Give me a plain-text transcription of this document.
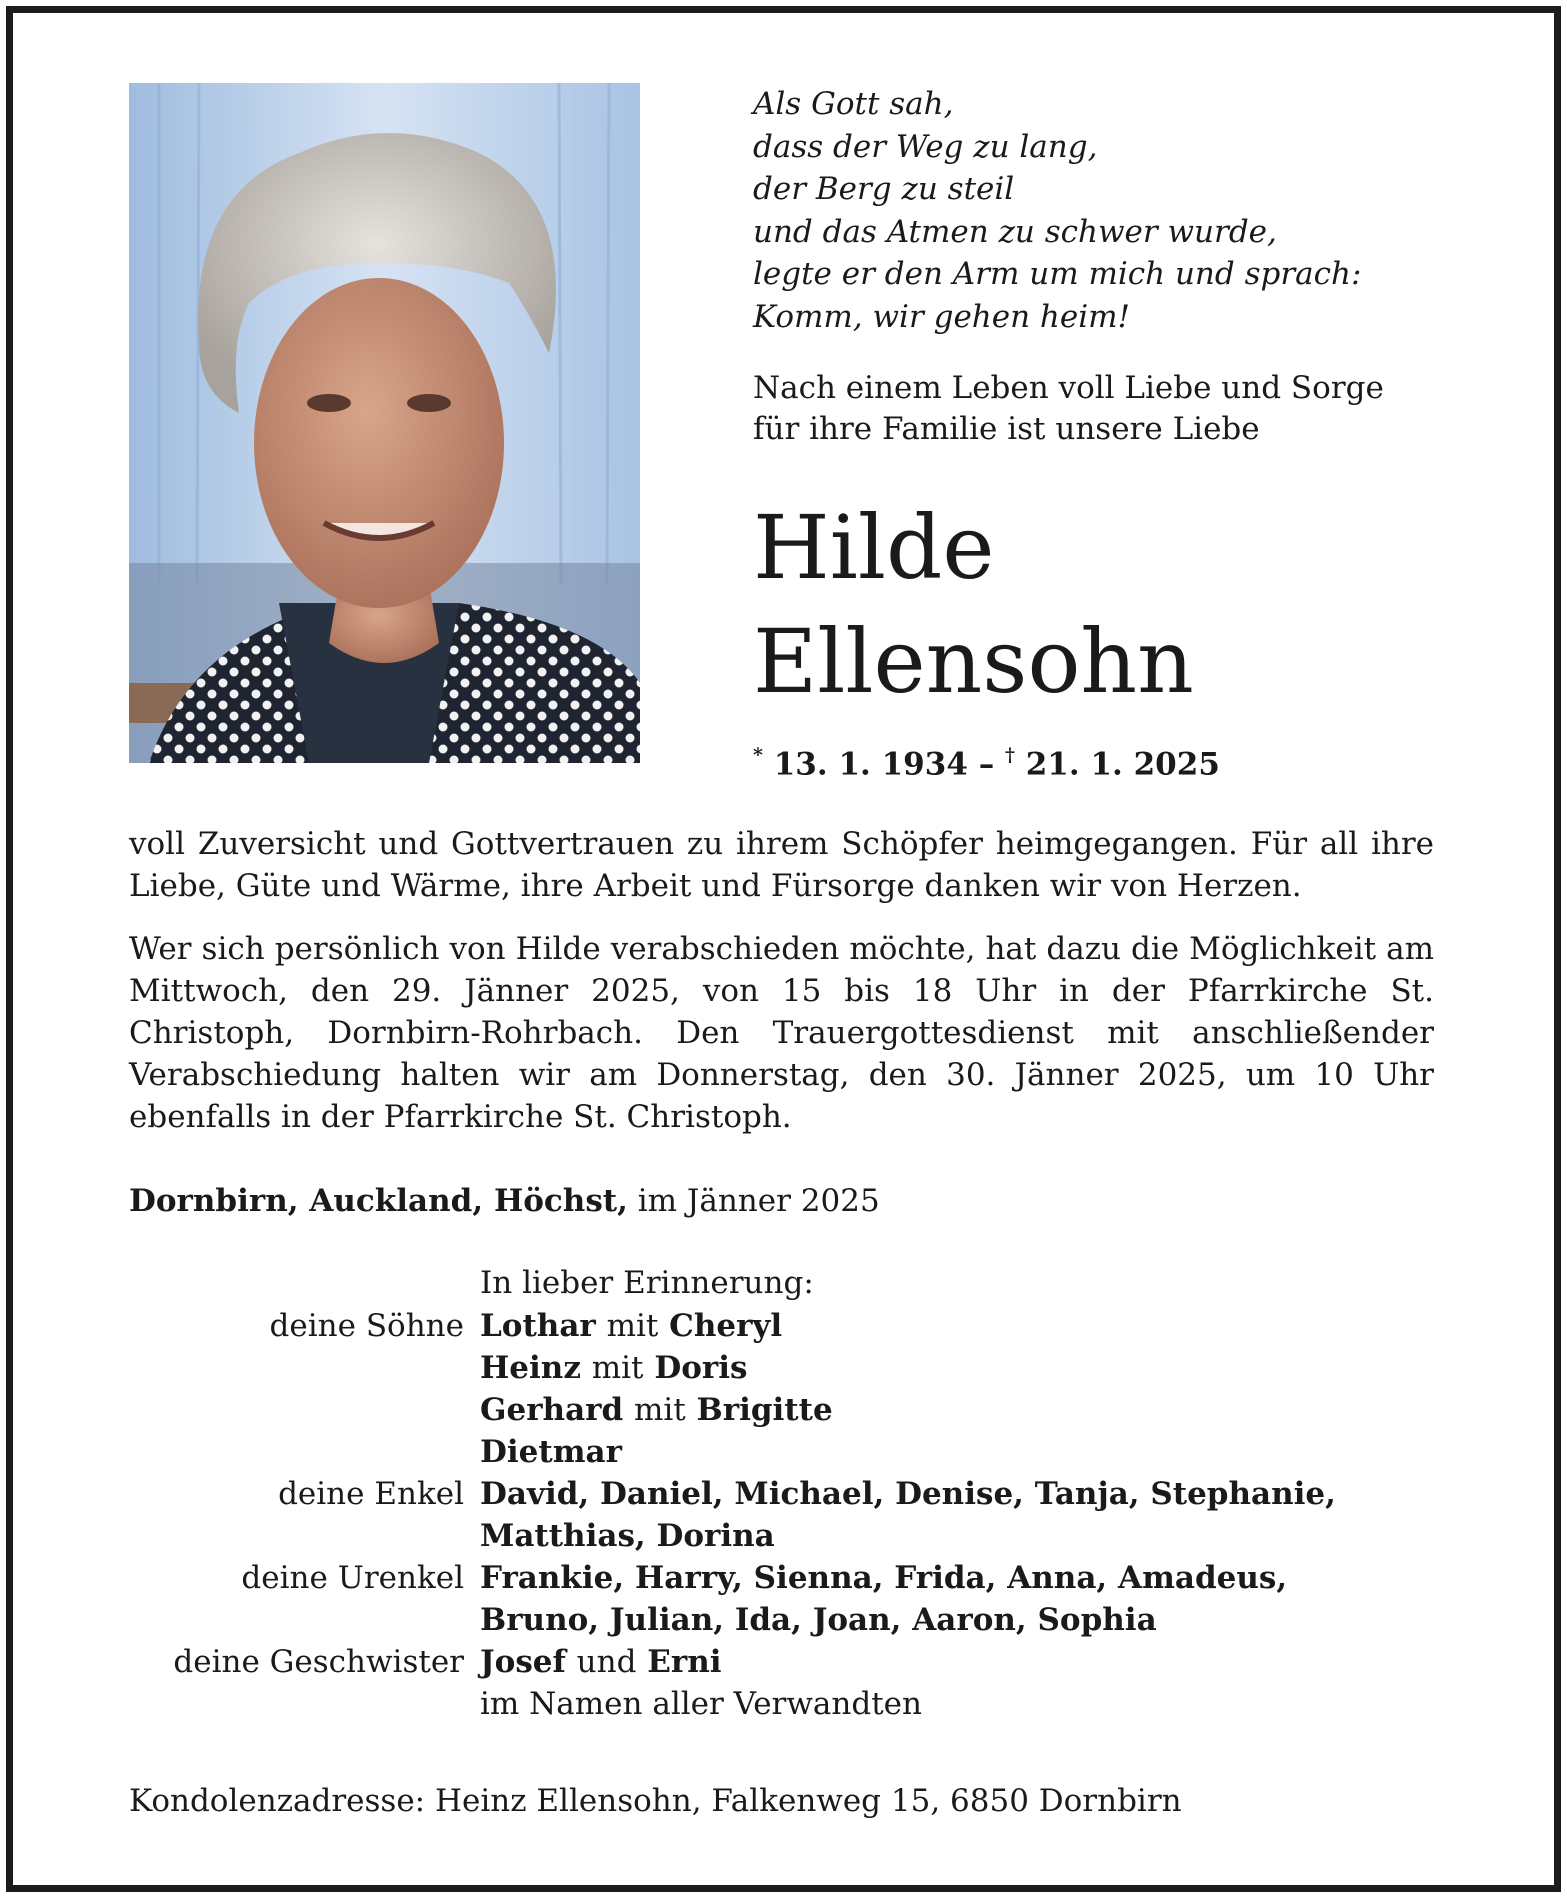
Als Gott sah,
dass der Weg zu lang,
der Berg zu steil
und das Atmen zu schwer wurde,
legte er den Arm um mich und sprach:
Komm, wir gehen heim!
Nach einem Leben voll Liebe und Sorge
für ihre Familie ist unsere Liebe
Hilde
Ellensohn
* 13. 1. 1934 – † 21. 1. 2025
voll Zuversicht und Gottvertrauen zu ihrem Schöpfer heimgegangen. Für all ihre Liebe, Güte und Wärme, ihre Arbeit und Fürsorge danken wir von Herzen.
Wer sich persönlich von Hilde verabschieden möchte, hat dazu die Möglichkeit am Mittwoch, den 29. Jänner 2025, von 15 bis 18 Uhr in der Pfarrkirche St. Christoph, Dornbirn-Rohrbach. Den Trauergottesdienst mit anschließender Verabschiedung halten wir am Donnerstag, den 30. Jänner 2025, um 10 Uhr ebenfalls in der Pfarrkirche St. Christoph.
Dornbirn, Auckland, Höchst, im Jänner 2025
In lieber Erinnerung:
deine Söhne Lothar mit Cheryl
Heinz mit Doris
Gerhard mit Brigitte
Dietmar
deine Enkel David, Daniel, Michael, Denise, Tanja, Stephanie,
Matthias, Dorina
deine Urenkel Frankie, Harry, Sienna, Frida, Anna, Amadeus,
Bruno, Julian, Ida, Joan, Aaron, Sophia
deine Geschwister Josef und Erni
im Namen aller Verwandten
Kondolenzadresse: Heinz Ellensohn, Falkenweg 15, 6850 Dornbirn
